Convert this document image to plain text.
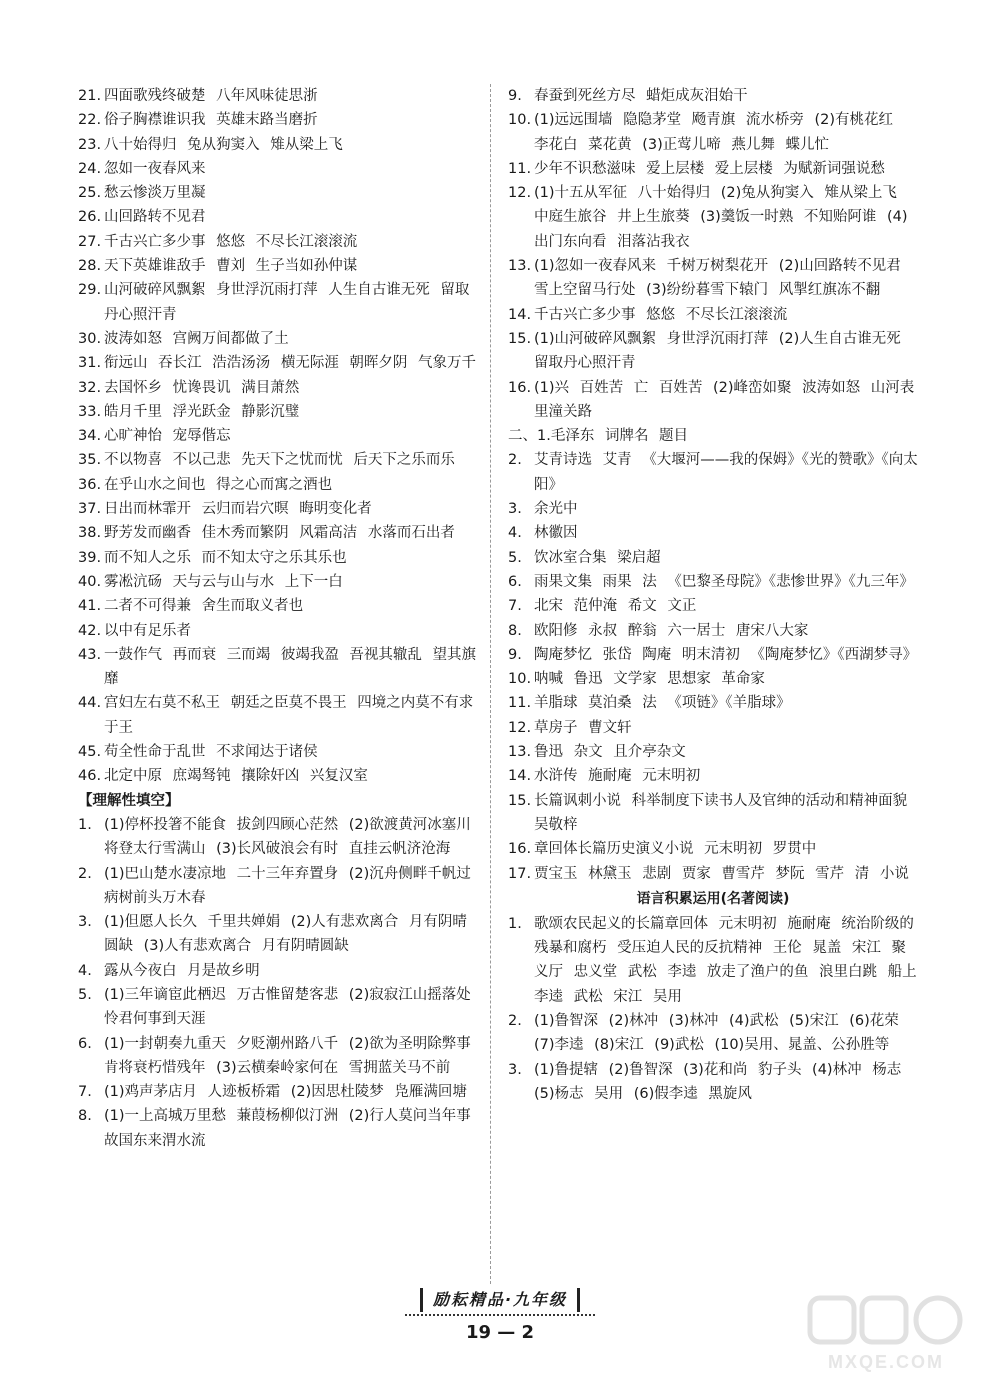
21. 四面歌残终破楚 八年风味徒思浙
22. 俗子胸襟谁识我 英雄末路当磨折
23. 八十始得归 兔从狗窦入 雉从梁上飞
24. 忽如一夜春风来
25. 愁云惨淡万里凝
26. 山回路转不见君
27. 千古兴亡多少事 悠悠 不尽长江滚滚流
28. 天下英雄谁敌手 曹刘 生子当如孙仲谋
29. 山河破碎风飘絮 身世浮沉雨打萍 人生自古谁无死 留取丹心照汗青
30. 波涛如怒 宫阙万间都做了土
31. 衔远山 吞长江 浩浩汤汤 横无际涯 朝晖夕阴 气象万千
32. 去国怀乡 忧谗畏讥 满目萧然
33. 皓月千里 浮光跃金 静影沉璧
34. 心旷神怡 宠辱偕忘
35. 不以物喜 不以己悲 先天下之忧而忧 后天下之乐而乐
36. 在乎山水之间也 得之心而寓之酒也
37. 日出而林霏开 云归而岩穴暝 晦明变化者
38. 野芳发而幽香 佳木秀而繁阴 风霜高洁 水落而石出者
39. 而不知人之乐 而不知太守之乐其乐也
40. 雾凇沆砀 天与云与山与水 上下一白
41. 二者不可得兼 舍生而取义者也
42. 以中有足乐者
43. 一鼓作气 再而衰 三而竭 彼竭我盈 吾视其辙乱 望其旗靡
44. 宫妇左右莫不私王 朝廷之臣莫不畏王 四境之内莫不有求于王
45. 苟全性命于乱世 不求闻达于诸侯
46. 北定中原 庶竭驽钝 攘除奸凶 兴复汉室
【理解性填空】
1. (1)停杯投箸不能食 拔剑四顾心茫然 (2)欲渡黄河冰塞川 将登太行雪满山 (3)长风破浪会有时 直挂云帆济沧海
2. (1)巴山楚水凄凉地 二十三年弃置身 (2)沉舟侧畔千帆过 病树前头万木春
3. (1)但愿人长久 千里共婵娟 (2)人有悲欢离合 月有阴晴圆缺 (3)人有悲欢离合 月有阴晴圆缺
4. 露从今夜白 月是故乡明
5. (1)三年谪宦此栖迟 万古惟留楚客悲 (2)寂寂江山摇落处 怜君何事到天涯
6. (1)一封朝奏九重天 夕贬潮州路八千 (2)欲为圣明除弊事 肯将衰朽惜残年 (3)云横秦岭家何在 雪拥蓝关马不前
7. (1)鸡声茅店月 人迹板桥霜 (2)因思杜陵梦 凫雁满回塘
8. (1)一上高城万里愁 蒹葭杨柳似汀洲 (2)行人莫问当年事 故国东来渭水流
9. 春蚕到死丝方尽 蜡炬成灰泪始干
10. (1)远远围墙 隐隐茅堂 飏青旗 流水桥旁 (2)有桃花红 李花白 菜花黄 (3)正莺儿啼 燕儿舞 蝶儿忙
11. 少年不识愁滋味 爱上层楼 爱上层楼 为赋新词强说愁
12. (1)十五从军征 八十始得归 (2)兔从狗窦入 雉从梁上飞 中庭生旅谷 井上生旅葵 (3)羹饭一时熟 不知贻阿谁 (4)出门东向看 泪落沾我衣
13. (1)忽如一夜春风来 千树万树梨花开 (2)山回路转不见君 雪上空留马行处 (3)纷纷暮雪下辕门 风掣红旗冻不翻
14. 千古兴亡多少事 悠悠 不尽长江滚滚流
15. (1)山河破碎风飘絮 身世浮沉雨打萍 (2)人生自古谁无死 留取丹心照汗青
16. (1)兴 百姓苦 亡 百姓苦 (2)峰峦如聚 波涛如怒 山河表里潼关路
二、1. 毛泽东 词牌名 题目
2. 艾青诗选 艾青 《大堰河——我的保姆》《光的赞歌》《向太阳》
3. 余光中
4. 林徽因
5. 饮冰室合集 梁启超
6. 雨果文集 雨果 法 《巴黎圣母院》《悲惨世界》《九三年》
7. 北宋 范仲淹 希文 文正
8. 欧阳修 永叔 醉翁 六一居士 唐宋八大家
9. 陶庵梦忆 张岱 陶庵 明末清初 《陶庵梦忆》《西湖梦寻》
10. 呐喊 鲁迅 文学家 思想家 革命家
11. 羊脂球 莫泊桑 法 《项链》《羊脂球》
12. 草房子 曹文轩
13. 鲁迅 杂文 且介亭杂文
14. 水浒传 施耐庵 元末明初
15. 长篇讽刺小说 科举制度下读书人及官绅的活动和精神面貌 吴敬梓
16. 章回体长篇历史演义小说 元末明初 罗贯中
17. 贾宝玉 林黛玉 悲剧 贾家 曹雪芹 梦阮 雪芹 清 小说
语言积累运用(名著阅读)
1. 歌颂农民起义的长篇章回体 元末明初 施耐庵 统治阶级的残暴和腐朽 受压迫人民的反抗精神 王伦 晁盖 宋江 聚义厅 忠义堂 武松 李逵 放走了渔户的鱼 浪里白跳 船上 李逵 武松 宋江 吴用
2. (1)鲁智深 (2)林冲 (3)林冲 (4)武松 (5)宋江 (6)花荣 (7)李逵 (8)宋江 (9)武松 (10)吴用、晁盖、公孙胜等
3. (1)鲁提辖 (2)鲁智深 (3)花和尚 豹子头 (4)林冲 杨志 (5)杨志 吴用 (6)假李逵 黑旋风
励耘精品·九年级
19 — 2
MXQE.COM
